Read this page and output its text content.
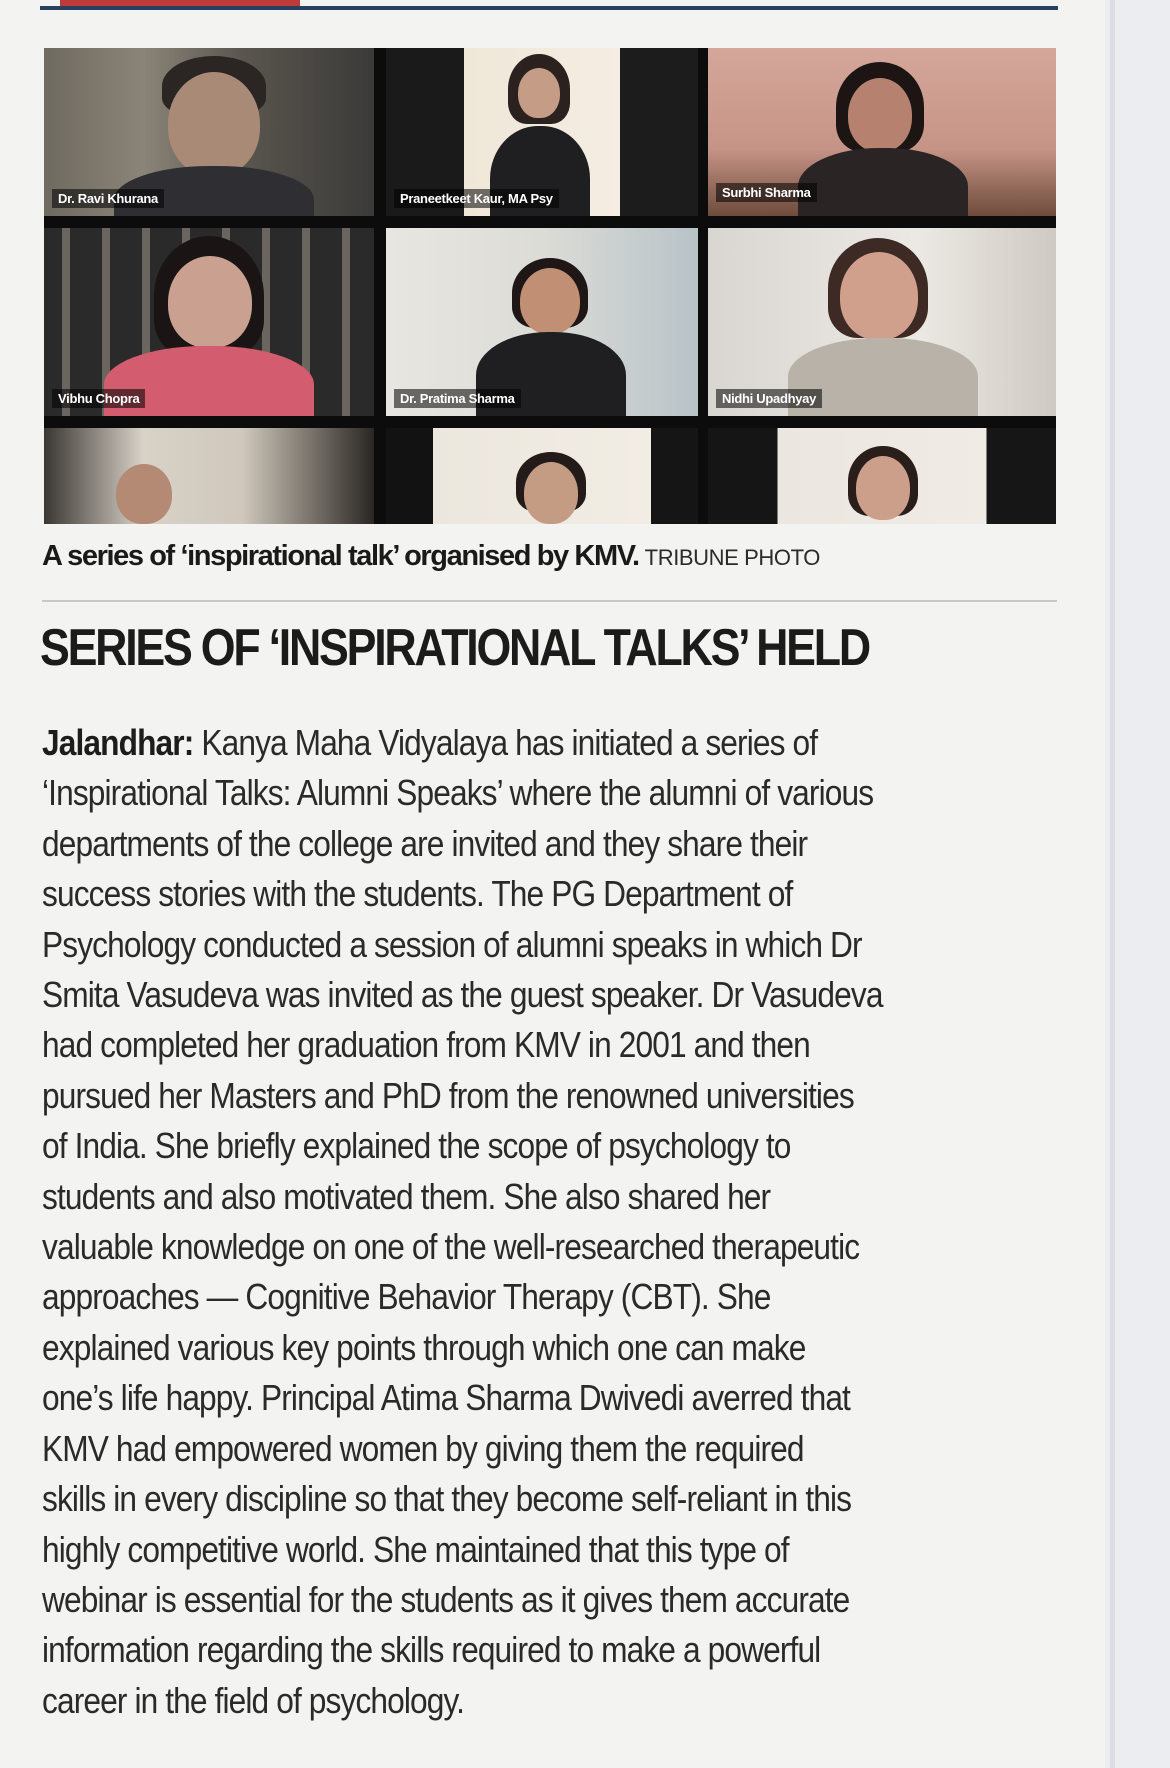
Dr. Ravi Khurana	Praneetkeet Kaur, MA Psy	Surbhi Sharma
Vibhu Chopra	Dr. Pratima Sharma	Nidhi Upadhyay
A series of ‘inspirational talk’ organised by KMV. TRIBUNE PHOTO
SERIES OF ‘INSPIRATIONAL TALKS’ HELD
Jalandhar: Kanya Maha Vidyalaya has initiated a series of
‘Inspirational Talks: Alumni Speaks’ where the alumni of various
departments of the college are invited and they share their
success stories with the students. The PG Department of
Psychology conducted a session of alumni speaks in which Dr
Smita Vasudeva was invited as the guest speaker. Dr Vasudeva
had completed her graduation from KMV in 2001 and then
pursued her Masters and PhD from the renowned universities
of India. She briefly explained the scope of psychology to
students and also motivated them. She also shared her
valuable knowledge on one of the well-researched therapeutic
approaches — Cognitive Behavior Therapy (CBT). She
explained various key points through which one can make
one’s life happy. Principal Atima Sharma Dwivedi averred that
KMV had empowered women by giving them the required
skills in every discipline so that they become self-reliant in this
highly competitive world. She maintained that this type of
webinar is essential for the students as it gives them accurate
information regarding the skills required to make a powerful
career in the field of psychology.
